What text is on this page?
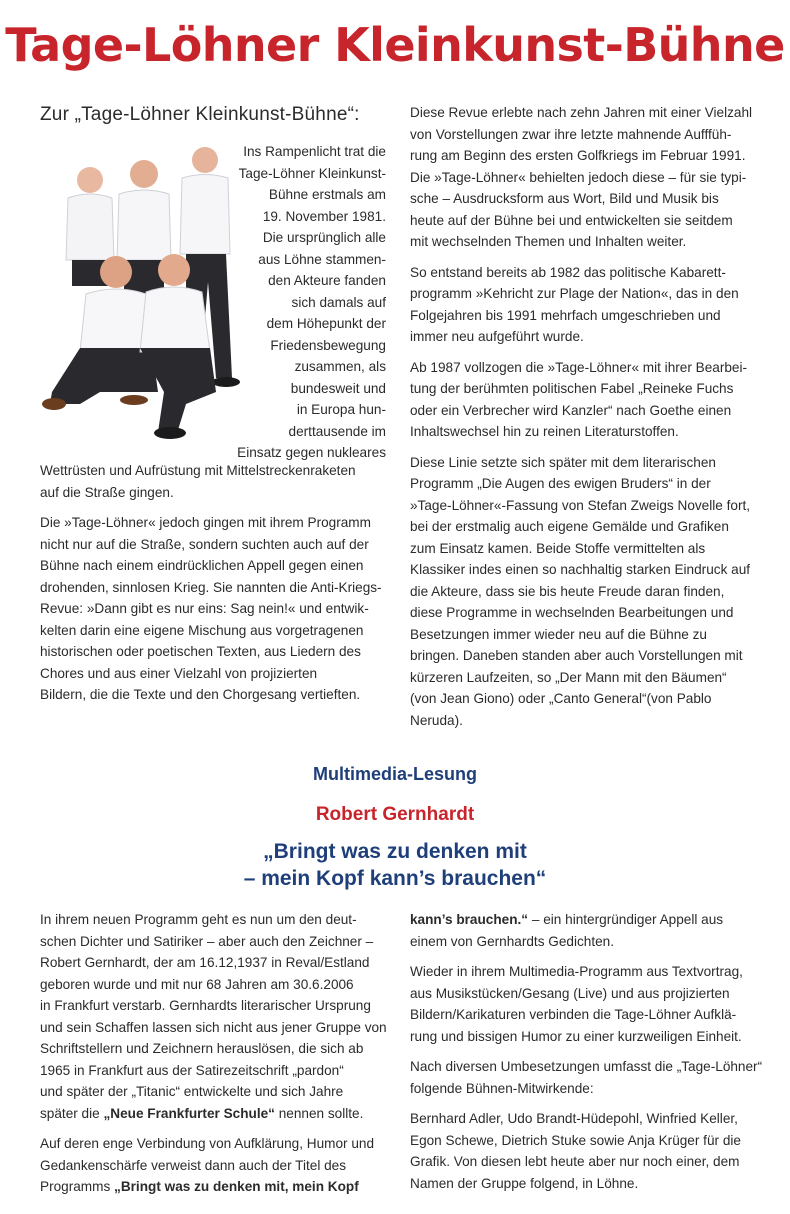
Tage-Löhner Kleinkunst-Bühne
Zur „Tage-Löhner Kleinkunst-Bühne“:
Ins Rampenlicht trat die
Tage-Löhner Kleinkunst-
Bühne erstmals am
19. November 1981.
Die ursprünglich alle
aus Löhne stammen-
den Akteure fanden
sich damals auf
dem Höhepunkt der
Friedensbewegung
zusammen, als
bundesweit und
in Europa hun-
derttausende im
Einsatz gegen nukleares

Wettrüsten und Aufrüstung mit Mittelstreckenraketen
auf die Straße gingen.

Die »Tage-Löhner« jedoch gingen mit ihrem Programm
nicht nur auf die Straße, sondern suchten auch auf der
Bühne nach einem eindrücklichen Appell gegen einen
drohenden, sinnlosen Krieg. Sie nannten die Anti-Kriegs-
Revue: »Dann gibt es nur eins: Sag nein!« und entwik-
kelten darin eine eigene Mischung aus vorgetragenen
historischen oder poetischen Texten, aus Liedern des
Chores und aus einer Vielzahl von projizierten
Bildern, die die Texte und den Chorgesang vertieften.

Diese Revue erlebte nach zehn Jahren mit einer Vielzahl
von Vorstellungen zwar ihre letzte mahnende Aufffüh-
rung am Beginn des ersten Golfkriegs im Februar 1991.
Die »Tage-Löhner« behielten jedoch diese – für sie typi-
sche – Ausdrucksform aus Wort, Bild und Musik bis
heute auf der Bühne bei und entwickelten sie seitdem
mit wechselnden Themen und Inhalten weiter.

So entstand bereits ab 1982 das politische Kabarett-
programm »Kehricht zur Plage der Nation«, das in den
Folgejahren bis 1991 mehrfach umgeschrieben und
immer neu aufgeführt wurde.

Ab 1987 vollzogen die »Tage-Löhner« mit ihrer Bearbei-
tung der berühmten politischen Fabel „Reineke Fuchs
oder ein Verbrecher wird Kanzler“ nach Goethe einen
Inhaltswechsel hin zu reinen Literaturstoffen.

Diese Linie setzte sich später mit dem literarischen
Programm „Die Augen des ewigen Bruders“ in der
»Tage-Löhner«-Fassung von Stefan Zweigs Novelle fort,
bei der erstmalig auch eigene Gemälde und Grafiken
zum Einsatz kamen. Beide Stoffe vermittelten als
Klassiker indes einen so nachhaltig starken Eindruck auf
die Akteure, dass sie bis heute Freude daran finden,
diese Programme in wechselnden Bearbeitungen und
Besetzungen immer wieder neu auf die Bühne zu
bringen. Daneben standen aber auch Vorstellungen mit
kürzeren Laufzeiten, so „Der Mann mit den Bäumen“
(von Jean Giono) oder „Canto General“(von Pablo
Neruda).

Multimedia-Lesung
Robert Gernhardt
„Bringt was zu denken mit
– mein Kopf kann’s brauchen“

In ihrem neuen Programm geht es nun um den deut-
schen Dichter und Satiriker – aber auch den Zeichner –
Robert Gernhardt, der am 16.12,1937 in Reval/Estland
geboren wurde und mit nur 68 Jahren am 30.6.2006
in Frankfurt verstarb. Gernhardts literarischer Ursprung
und sein Schaffen lassen sich nicht aus jener Gruppe von
Schriftstellern und Zeichnern herauslösen, die sich ab
1965 in Frankfurt aus der Satirezeitschrift „pardon“
und später der „Titanic“ entwickelte und sich Jahre
später die „Neue Frankfurter Schule“ nennen sollte.

Auf deren enge Verbindung von Aufklärung, Humor und
Gedankenschärfe verweist dann auch der Titel des
Programms „Bringt was zu denken mit, mein Kopf

kann’s brauchen.“ – ein hintergründiger Appell aus
einem von Gernhardts Gedichten.

Wieder in ihrem Multimedia-Programm aus Textvortrag,
aus Musikstücken/Gesang (Live) und aus projizierten
Bildern/Karikaturen verbinden die Tage-Löhner Aufklä-
rung und bissigen Humor zu einer kurzweiligen Einheit.

Nach diversen Umbesetzungen umfasst die „Tage-Löhner“
folgende Bühnen-Mitwirkende:

Bernhard Adler, Udo Brandt-Hüdepohl, Winfried Keller,
Egon Schewe, Dietrich Stuke sowie Anja Krüger für die
Grafik. Von diesen lebt heute aber nur noch einer, dem
Namen der Gruppe folgend, in Löhne.
